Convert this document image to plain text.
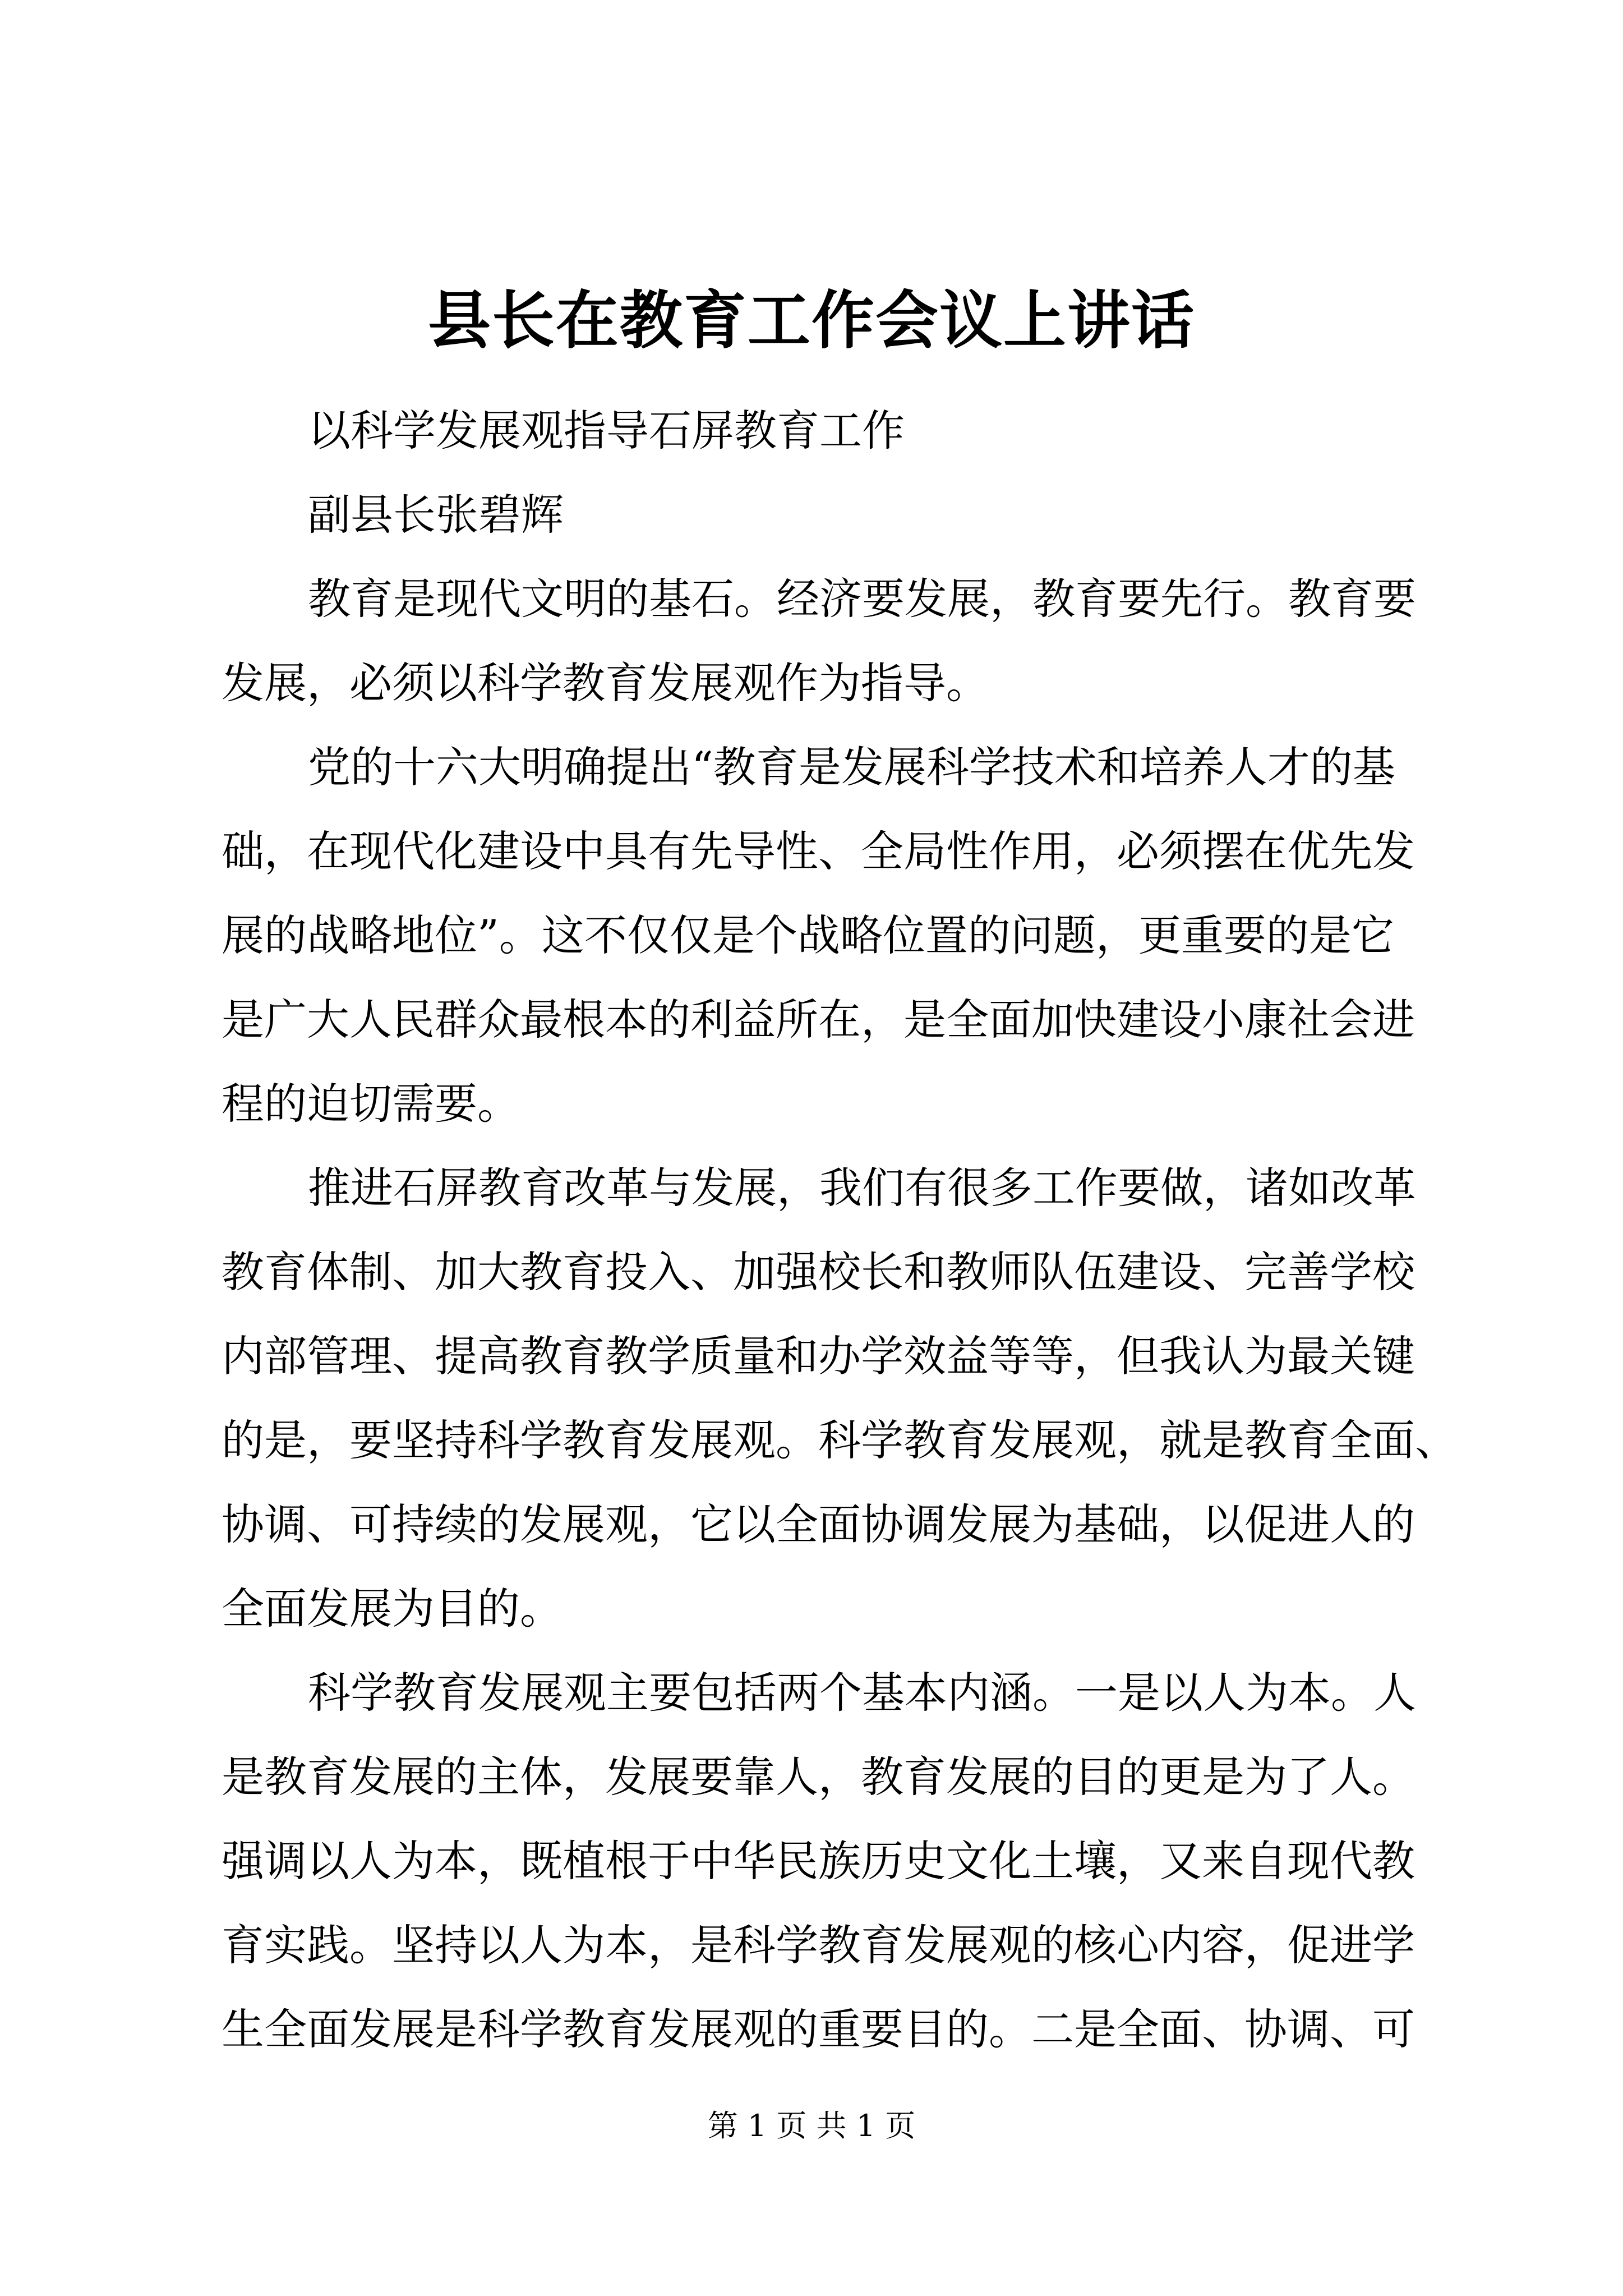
县长在教育工作会议上讲话
以科学发展观指导石屏教育工作
副县长张碧辉
教育是现代文明的基石。经济要发展，教育要先行。教育要
发展，必须以科学教育发展观作为指导。
党的十六大明确提出“教育是发展科学技术和培养人才的基
础，在现代化建设中具有先导性、全局性作用，必须摆在优先发
展的战略地位”。这不仅仅是个战略位置的问题，更重要的是它
是广大人民群众最根本的利益所在，是全面加快建设小康社会进
程的迫切需要。
推进石屏教育改革与发展，我们有很多工作要做，诸如改革
教育体制、加大教育投入、加强校长和教师队伍建设、完善学校
内部管理、提高教育教学质量和办学效益等等，但我认为最关键
的是，要坚持科学教育发展观。科学教育发展观，就是教育全面、
协调、可持续的发展观，它以全面协调发展为基础，以促进人的
全面发展为目的。
科学教育发展观主要包括两个基本内涵。一是以人为本。人
是教育发展的主体，发展要靠人，教育发展的目的更是为了人。
强调以人为本，既植根于中华民族历史文化土壤，又来自现代教
育实践。坚持以人为本，是科学教育发展观的核心内容，促进学
生全面发展是科学教育发展观的重要目的。二是全面、协调、可
第 1 页 共 1 页
